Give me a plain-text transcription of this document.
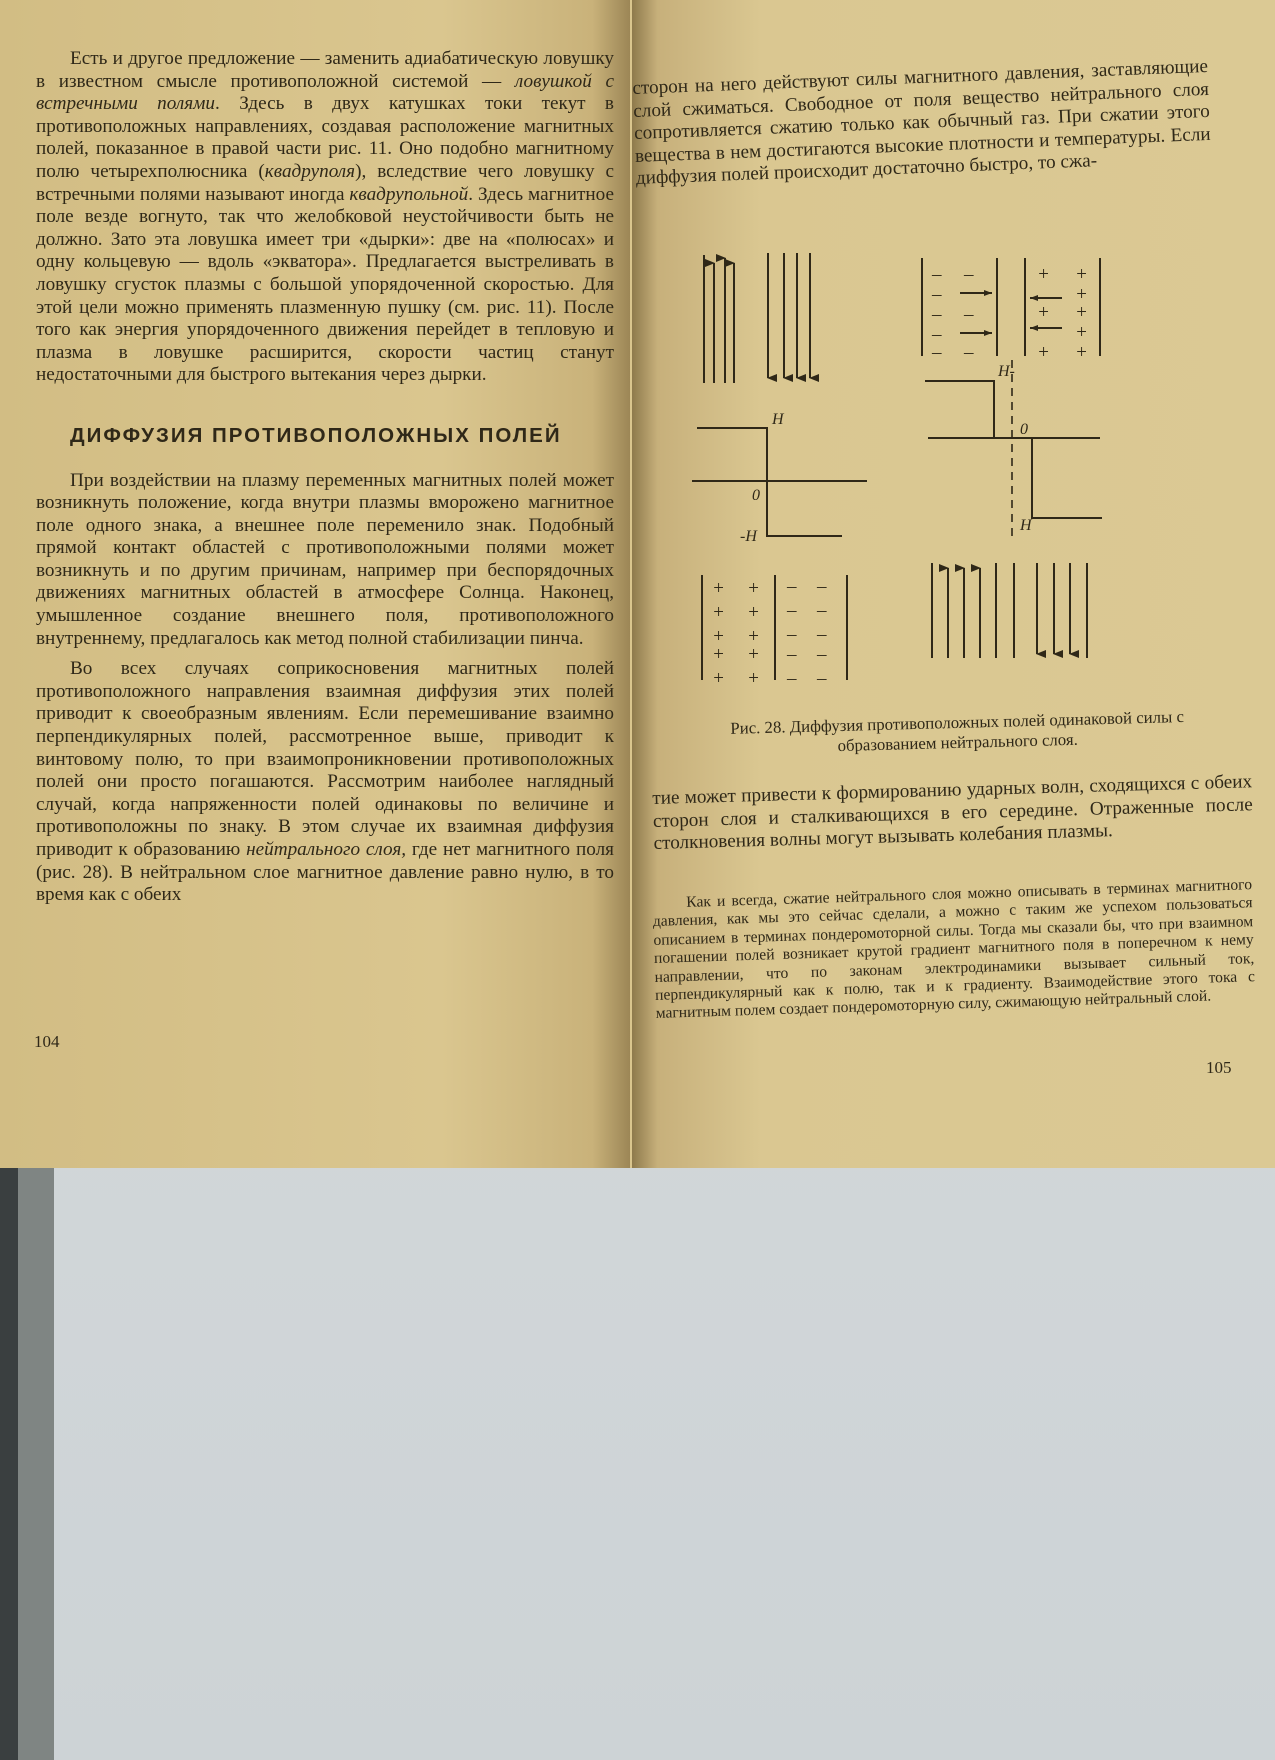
Есть и другое предложение — заменить адиабатическую ловушку в известном смысле противоположной системой — ловушкой с встречными полями. Здесь в двух катушках токи текут в противоположных направлениях, создавая расположение магнитных полей, показанное в правой части рис. 11. Оно подобно магнитному полю четырехполюсника (квадруполя), вследствие чего ловушку с встречными полями называют иногда квадрупольной. Здесь магнитное поле везде вогнуто, так что желобковой неустойчивости быть не должно. Зато эта ловушка имеет три «дырки»: две на «полюсах» и одну кольцевую — вдоль «экватора». Предлагается выстреливать в ловушку сгусток плазмы с большой упорядоченной скоростью. Для этой цели можно применять плазменную пушку (см. рис. 11). После того как энергия упорядоченного движения перейдет в тепловую и плазма в ловушке расширится, скорости частиц станут недостаточными для быстрого вытекания через дырки.

ДИФФУЗИЯ ПРОТИВОПОЛОЖНЫХ ПОЛЕЙ

При воздействии на плазму переменных магнитных полей может возникнуть положение, когда внутри плазмы вморожено магнитное поле одного знака, а внешнее поле переменило знак. Подобный прямой контакт областей с противоположными полями может возникнуть и по другим причинам, например при беспорядочных движениях магнитных областей в атмосфере Солнца. Наконец, умышленное создание внешнего поля, противоположного внутреннему, предлагалось как метод полной стабилизации пинча.

Во всех случаях соприкосновения магнитных полей противоположного направления взаимная диффузия этих полей приводит к своеобразным явлениям. Если перемешивание взаимно перпендикулярных полей, рассмотренное выше, приводит к винтовому полю, то при взаимопроникновении противоположных полей они просто погашаются. Рассмотрим наиболее наглядный случай, когда напряженности полей одинаковы по величине и противоположны по знаку. В этом случае их взаимная диффузия приводит к образованию нейтрального слоя, где нет магнитного поля (рис. 28). В нейтральном слое магнитное давление равно нулю, в то время как с обеих

104

сторон на него действуют силы магнитного давления, заставляющие слой сжиматься. Свободное от поля вещество нейтрального слоя сопротивляется сжатию только как обычный газ. При сжатии этого вещества в нем достигаются высокие плотности и температуры. Если диффузия полей происходит достаточно быстро, то сжа-

H
0
-H
H-
0
H
– –
–
– –
–
– –
+ +
+
+ +
+
+ +
+ +
+ +
+ +
+ +
+ +
– –
– –
– –
– –
– –
Рис. 28. Диффузия противоположных полей одинаковой силы с образованием нейтрального слоя.

тие может привести к формированию ударных волн, сходящихся с обеих сторон слоя и сталкивающихся в его середине. Отраженные после столкновения волны могут вызывать колебания плазмы.

Как и всегда, сжатие нейтрального слоя можно описывать в терминах магнитного давления, как мы это сейчас сделали, а можно с таким же успехом пользоваться описанием в терминах пондеромоторной силы. Тогда мы сказали бы, что при взаимном погашении полей возникает крутой градиент магнитного поля в поперечном к нему направлении, что по законам электродинамики вызывает сильный ток, перпендикулярный как к полю, так и к градиенту. Взаимодействие этого тока с магнитным полем создает пондеромоторную силу, сжимающую нейтральный слой.

105
